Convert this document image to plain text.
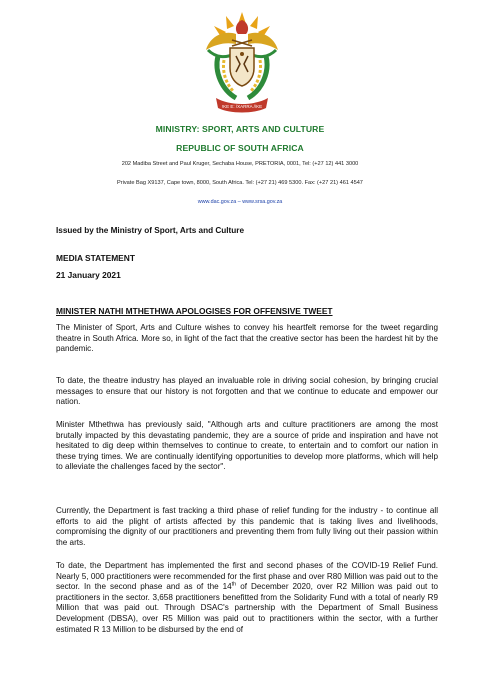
!KE E: /XARRA //KE
MINISTRY: SPORT, ARTS AND CULTURE
REPUBLIC OF SOUTH AFRICA
202 Madiba Street and Paul Kruger, Sechaba House, PRETORIA, 0001, Tel: (+27 12) 441 3000
Private Bag X9137, Cape town, 8000, South Africa. Tel: (+27 21) 469 5300. Fax: (+27 21) 461 4547
www.dac.gov.za – www.srsa.gov.za
Issued by the Ministry of Sport, Arts and Culture
MEDIA STATEMENT
21 January 2021
MINISTER NATHI MTHETHWA APOLOGISES FOR OFFENSIVE TWEET
The Minister of Sport, Arts and Culture wishes to convey his heartfelt remorse for the tweet regarding theatre in South Africa. More so, in light of the fact that the creative sector has been the hardest hit by the pandemic.
To date, the theatre industry has played an invaluable role in driving social cohesion, by bringing crucial messages to ensure that our history is not forgotten and that we continue to educate and empower our nation.
Minister Mthethwa has previously said, "Although arts and culture practitioners are among the most brutally impacted by this devastating pandemic, they are a source of pride and inspiration and have not hesitated to dig deep within themselves to continue to create, to entertain and to comfort our nation in these trying times. We are continually identifying opportunities to develop more platforms, which will help to alleviate the challenges faced by the sector".
Currently, the Department is fast tracking a third phase of relief funding for the industry - to continue all efforts to aid the plight of artists affected by this pandemic that is taking lives and livelihoods, compromising the dignity of our practitioners and preventing them from fully living out their passion within the arts.
To date, the Department has implemented the first and second phases of the COVID-19 Relief Fund. Nearly 5, 000 practitioners were recommended for the first phase and over R80 Million was paid out to the sector. In the second phase and as of the 14th of December 2020, over R2 Million was paid out to practitioners in the sector. 3,658 practitioners benefitted from the Solidarity Fund with a total of nearly R9 Million that was paid out. Through DSAC's partnership with the Department of Small Business Development (DBSA), over R5 Million was paid out to practitioners within the sector, with a further estimated R 13 Million to be disbursed by the end of
